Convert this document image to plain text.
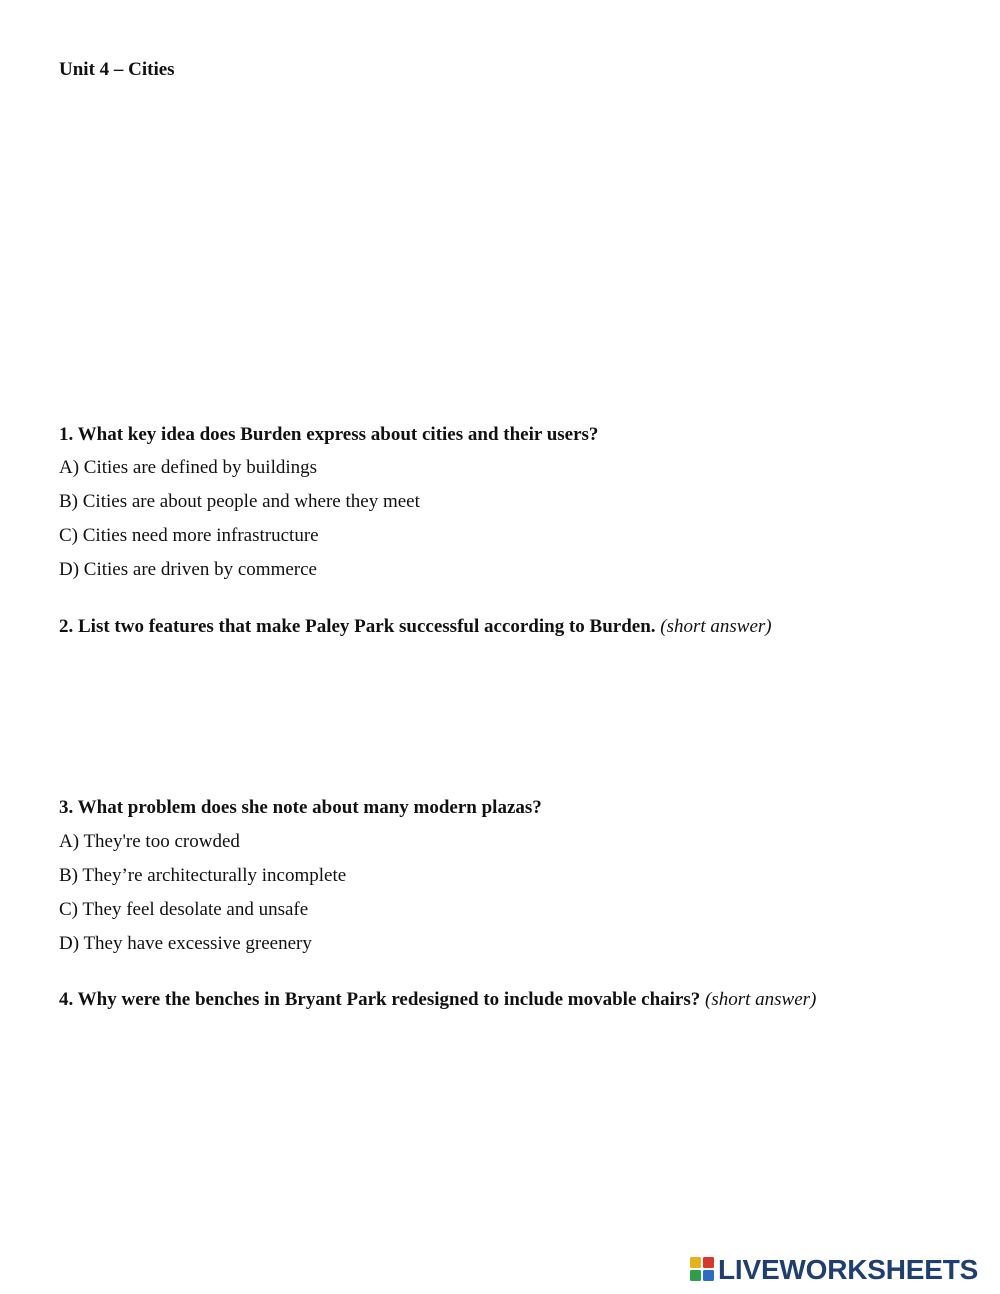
Unit 4 – Cities
1. What key idea does Burden express about cities and their users?
A) Cities are defined by buildings
B) Cities are about people and where they meet
C) Cities need more infrastructure
D) Cities are driven by commerce
2. List two features that make Paley Park successful according to Burden. (short answer)
3. What problem does she note about many modern plazas?
A) They're too crowded
B) They’re architecturally incomplete
C) They feel desolate and unsafe
D) They have excessive greenery
4. Why were the benches in Bryant Park redesigned to include movable chairs? (short answer)
LIVEWORKSHEETS
